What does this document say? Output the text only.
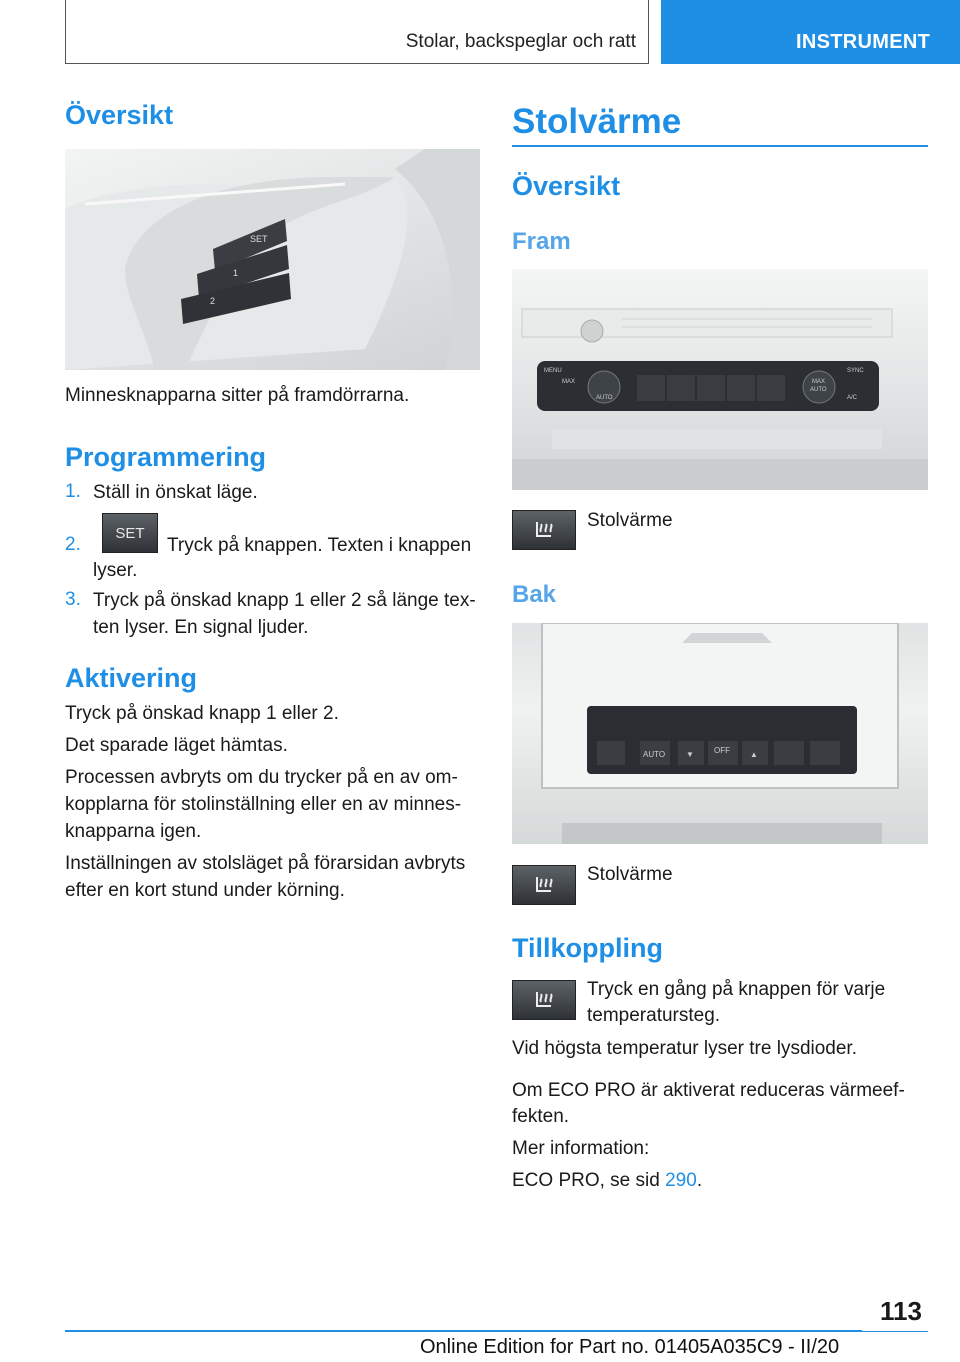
Stolar, backspeglar och ratt	INSTRUMENT
Översikt
SET
1
2

Minnesknapparna sitter på framdörrarna.

Programmering
1. Ställ in önskat läge.

2.
SET

Tryck på knappen. Texten i knappen

lyser.

3. Tryck på önskad knapp 1 eller 2 så länge tex-

ten lyser. En signal ljuder.

Aktivering

Tryck på önskad knapp 1 eller 2.

Det sparade läget hämtas.

Processen avbryts om du trycker på en av om-

kopplarna för stolinställning eller en av minnes-

knapparna igen.

Inställningen av stolsläget på förarsidan avbryts

efter en kort stund under körning.

Stolvärme
Översikt
Fram
MENU
MAX
AUTO
SYNC
A/C
MAX
AUTO

Stolvärme

Bak
AUTO	▼	OFF	▲

Stolvärme

Tillkoppling

Tryck en gång på knappen för varje

temperatursteg.

Vid högsta temperatur lyser tre lysdioder.

Om ECO PRO är aktiverat reduceras värmeef-

fekten.

Mer information:

ECO PRO, se sid 290.

113
Online Edition for Part no. 01405A035C9 - II/20
